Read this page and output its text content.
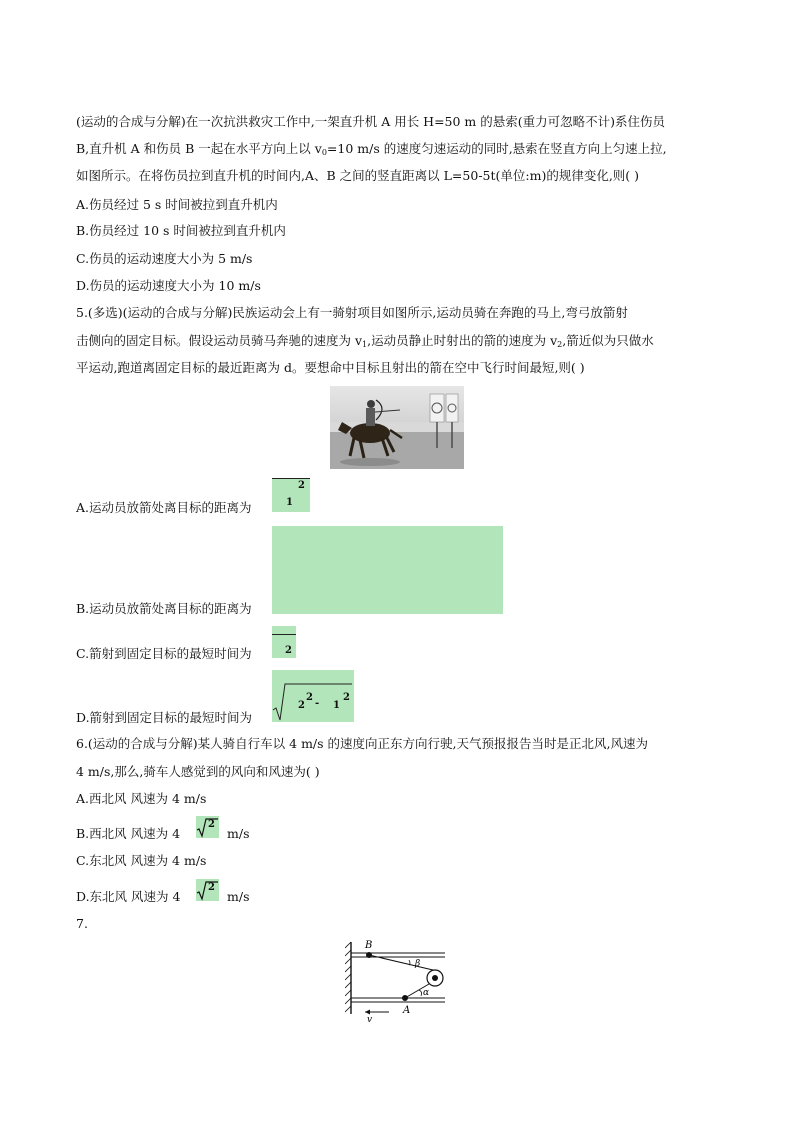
(运动的合成与分解)在一次抗洪救灾工作中,一架直升机 A 用长 H=50 m 的悬索(重力可忽略不计)系住伤员
B,直升机 A 和伤员 B 一起在水平方向上以 $v_0=10$ m/s 的速度匀速运动的同时,悬索在竖直方向上匀速上拉,
如图所示。在将伤员拉到直升机的时间内,A、B 之间的竖直距离以 L=50-5t(单位:m)的规律变化,则( )
A.伤员经过 5 s 时间被拉到直升机内
B.伤员经过 10 s 时间被拉到直升机内
C.伤员的运动速度大小为 5 m/s
D.伤员的运动速度大小为 10 m/s
5.(多选)(运动的合成与分解)民族运动会上有一骑射项目如图所示,运动员骑在奔跑的马上,弯弓放箭射
击侧向的固定目标。假设运动员骑马奔驰的速度为 $v_1$,运动员静止时射出的箭的速度为 $v_2$,箭近似为只做水
平运动,跑道离固定目标的最近距离为 d。要想命中目标且射出的箭在空中飞行时间最短,则( )
A.运动员放箭处离目标的距离为
2
1
B.运动员放箭处离目标的距离为
C.箭射到固定目标的最短时间为	2
D.箭射到固定目标的最短时间为
2
2
- 1
2
6.(运动的合成与分解)某人骑自行车以 4 m/s 的速度向正东方向行驶,天气预报报告当时是正北风,风速为
4 m/s,那么,骑车人感觉到的风向和风速为( )
A.西北风 风速为 4 m/s
B.西北风 风速为 4
2
m/s
C.东北风 风速为 4 m/s
D.东北风 风速为 4
2
m/s
7.
B
β
α
A
v
